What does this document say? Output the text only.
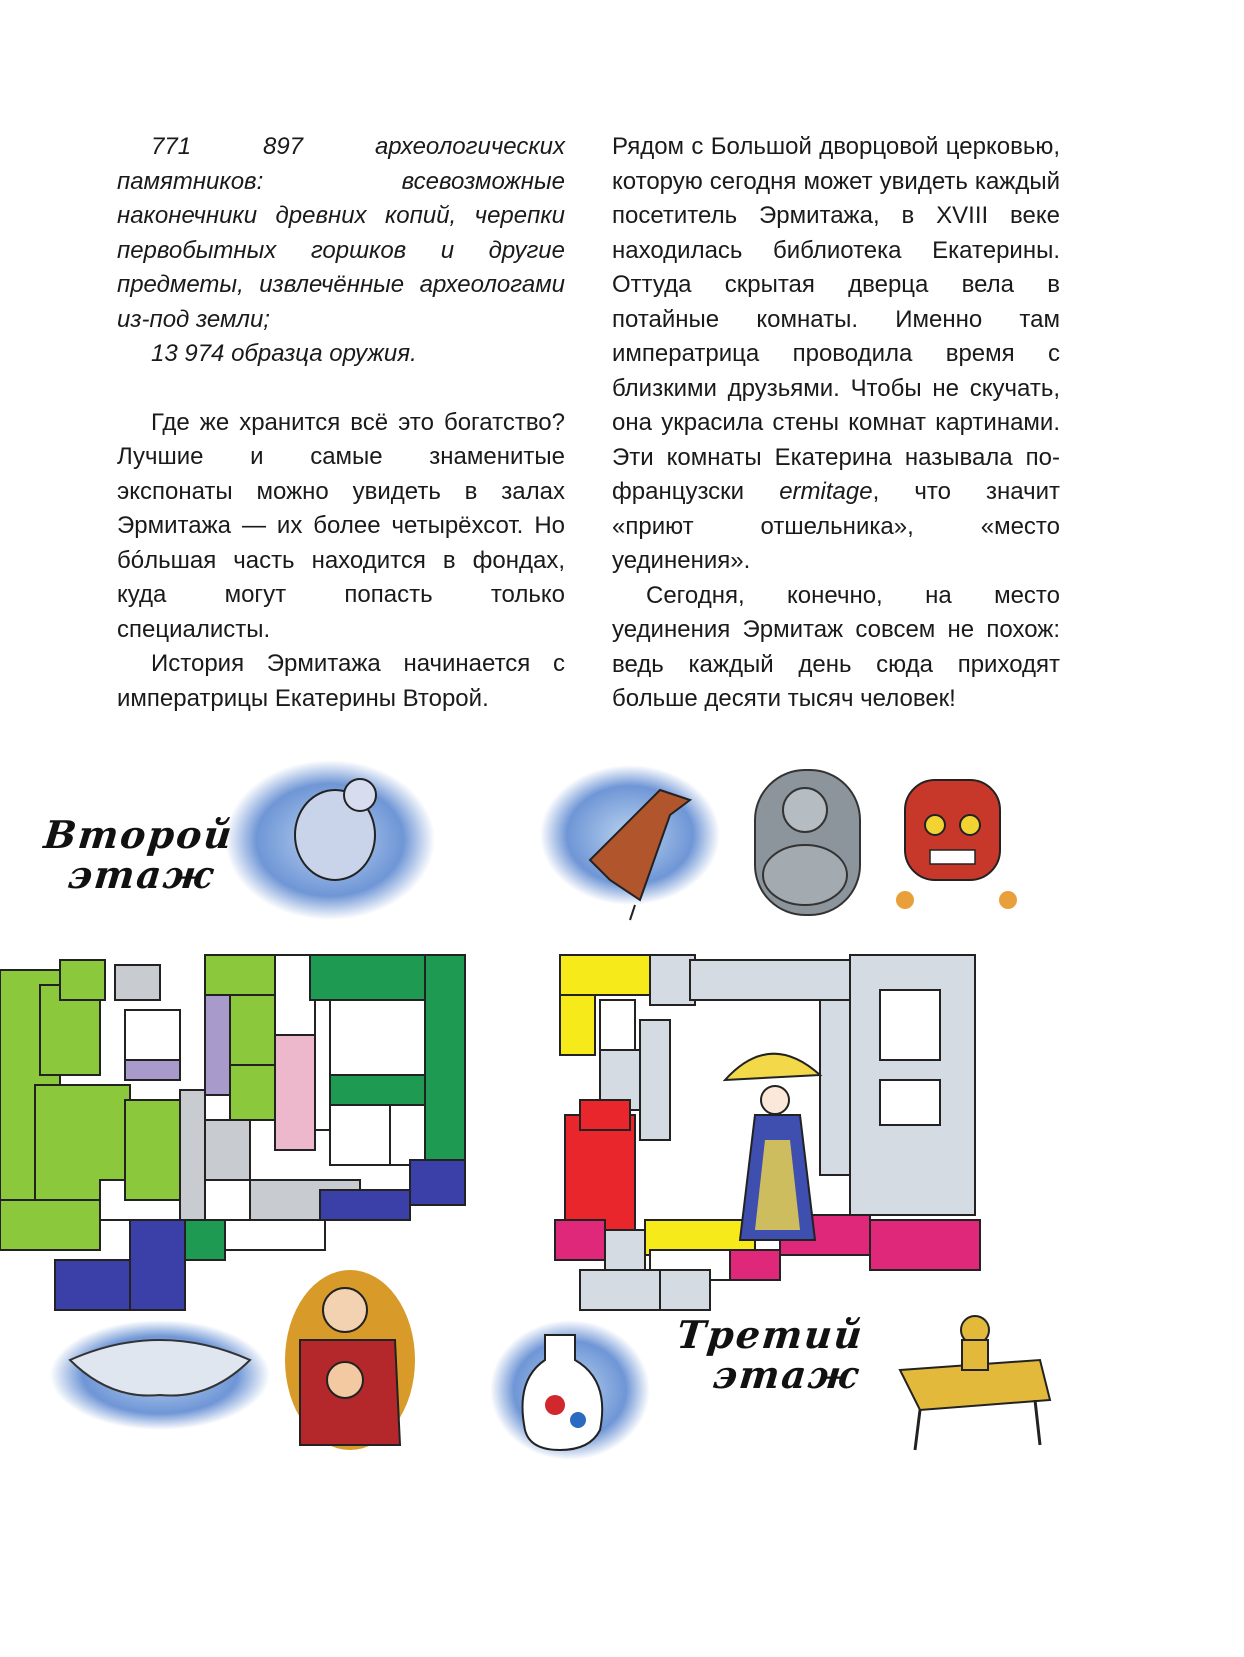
771 897 археологических памятников: всевозможные наконечники древних копий, черепки первобытных горшков и другие предметы, извлечённые археологами из-под земли;

13 974 образца оружия.

Где же хранится всё это богатство? Лучшие и самые знаменитые экспонаты можно увидеть в залах Эрмитажа — их более четырёхсот. Но бóльшая часть находится в фондах, куда могут попасть только специалисты.

История Эрмитажа начинается с императрицы Екатерины Второй.

Рядом с Большой дворцовой церковью, которую сегодня может увидеть каждый посетитель Эрмитажа, в XVIII веке находилась библиотека Екатерины. Оттуда скрытая дверца вела в потайные комнаты. Именно там императрица проводила время с близкими друзьями. Чтобы не скучать, она украсила стены комнат картинами. Эти комнаты Екатерина называла по-французски ermitage, что значит «приют отшельника», «место уединения».

Сегодня, конечно, на место уединения Эрмитаж совсем не похож: ведь каждый день сюда приходят больше десяти тысяч человек!

Второй
этаж
Третий
этаж
